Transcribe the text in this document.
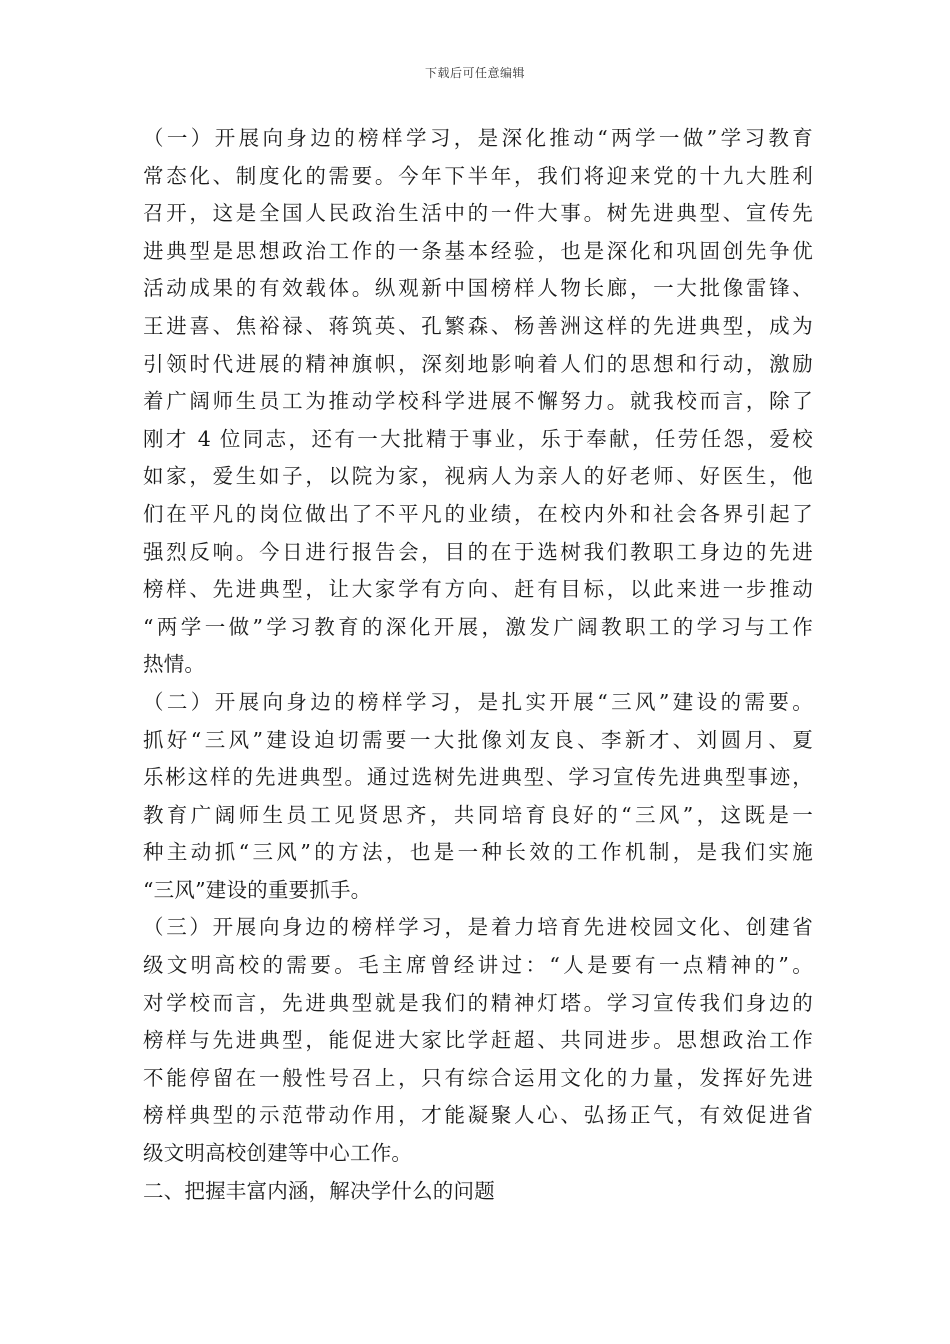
下载后可任意编辑
（一）开展向身边的榜样学习，是深化推动“两学一做”学习教育
常态化、制度化的需要。今年下半年，我们将迎来党的十九大胜利
召开，这是全国人民政治生活中的一件大事。树先进典型、宣传先
进典型是思想政治工作的一条基本经验，也是深化和巩固创先争优
活动成果的有效载体。纵观新中国榜样人物长廊，一大批像雷锋、
王进喜、焦裕禄、蒋筑英、孔繁森、杨善洲这样的先进典型，成为
引领时代进展的精神旗帜，深刻地影响着人们的思想和行动，激励
着广阔师生员工为推动学校科学进展不懈努力。就我校而言，除了
刚才 4 位同志，还有一大批精于事业，乐于奉献，任劳任怨，爱校
如家，爱生如子，以院为家，视病人为亲人的好老师、好医生，他
们在平凡的岗位做出了不平凡的业绩，在校内外和社会各界引起了
强烈反响。今日进行报告会，目的在于选树我们教职工身边的先进
榜样、先进典型，让大家学有方向、赶有目标，以此来进一步推动
“两学一做”学习教育的深化开展，激发广阔教职工的学习与工作
热情。
（二）开展向身边的榜样学习，是扎实开展“三风”建设的需要。
抓好“三风”建设迫切需要一大批像刘友良、李新才、刘圆月、夏
乐彬这样的先进典型。通过选树先进典型、学习宣传先进典型事迹，
教育广阔师生员工见贤思齐，共同培育良好的“三风”，这既是一
种主动抓“三风”的方法，也是一种长效的工作机制，是我们实施
“三风”建设的重要抓手。
（三）开展向身边的榜样学习，是着力培育先进校园文化、创建省
级文明高校的需要。毛主席曾经讲过：“人是要有一点精神的”。
对学校而言，先进典型就是我们的精神灯塔。学习宣传我们身边的
榜样与先进典型，能促进大家比学赶超、共同进步。思想政治工作
不能停留在一般性号召上，只有综合运用文化的力量，发挥好先进
榜样典型的示范带动作用，才能凝聚人心、弘扬正气，有效促进省
级文明高校创建等中心工作。
二、把握丰富内涵，解决学什么的问题
